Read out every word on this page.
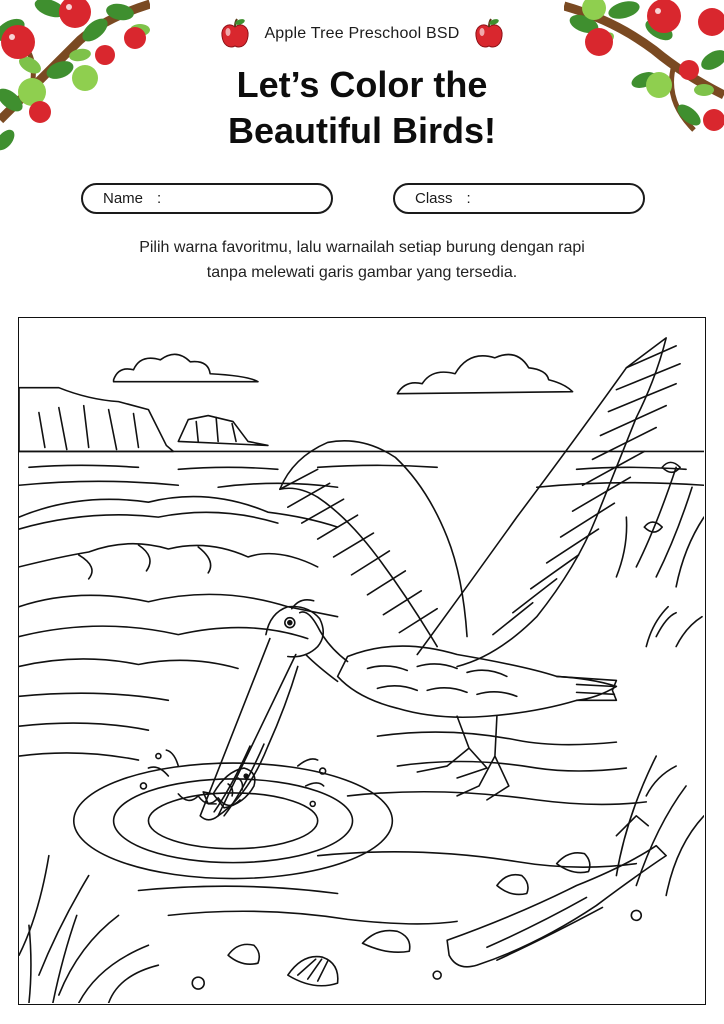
Apple Tree Preschool BSD
Let’s Color the
Beautiful Birds!
Name :	Class :

Pilih warna favoritmu, lalu warnailah setiap burung dengan rapi
tanpa melewati garis gambar yang tersedia.
